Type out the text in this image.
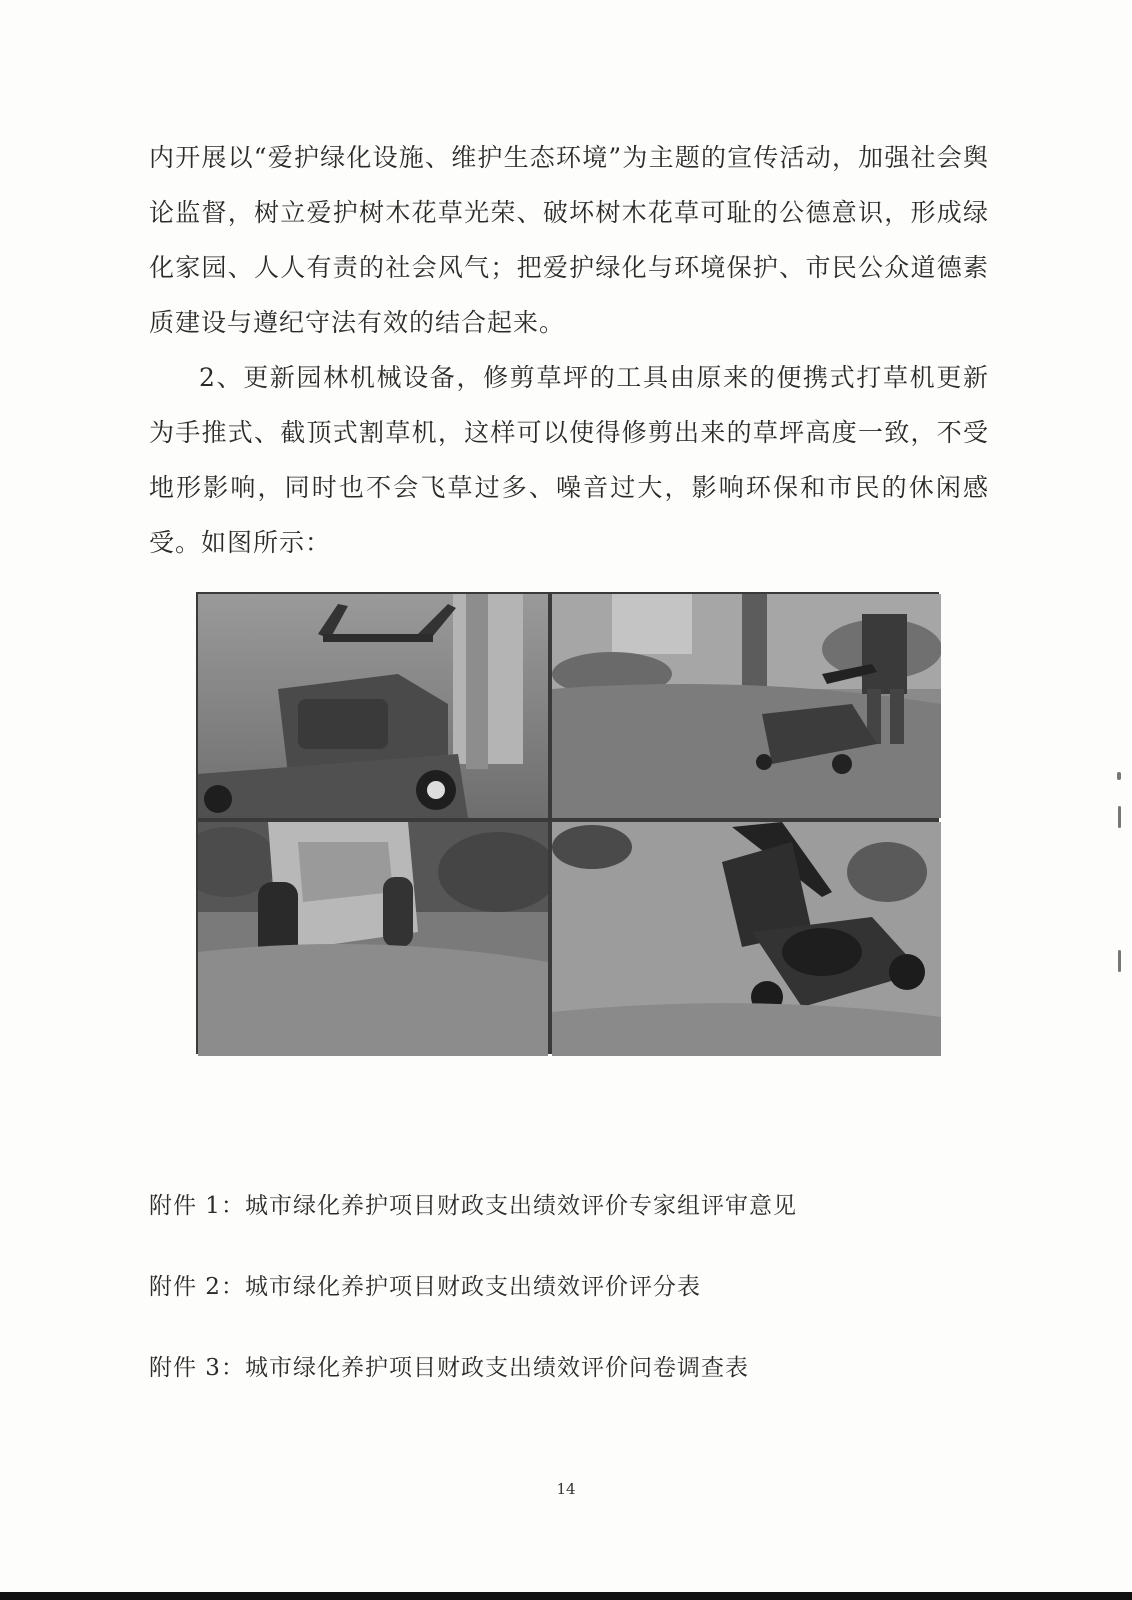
内开展以“爱护绿化设施、维护生态环境”为主题的宣传活动，加强社会舆论监督，树立爱护树木花草光荣、破坏树木花草可耻的公德意识，形成绿化家园、人人有责的社会风气；把爱护绿化与环境保护、市民公众道德素质建设与遵纪守法有效的结合起来。

2、更新园林机械设备，修剪草坪的工具由原来的便携式打草机更新为手推式、截顶式割草机，这样可以使得修剪出来的草坪高度一致，不受地形影响，同时也不会飞草过多、噪音过大，影响环保和市民的休闲感受。如图所示：

附件 1：城市绿化养护项目财政支出绩效评价专家组评审意见
附件 2：城市绿化养护项目财政支出绩效评价评分表
附件 3：城市绿化养护项目财政支出绩效评价问卷调查表
14
